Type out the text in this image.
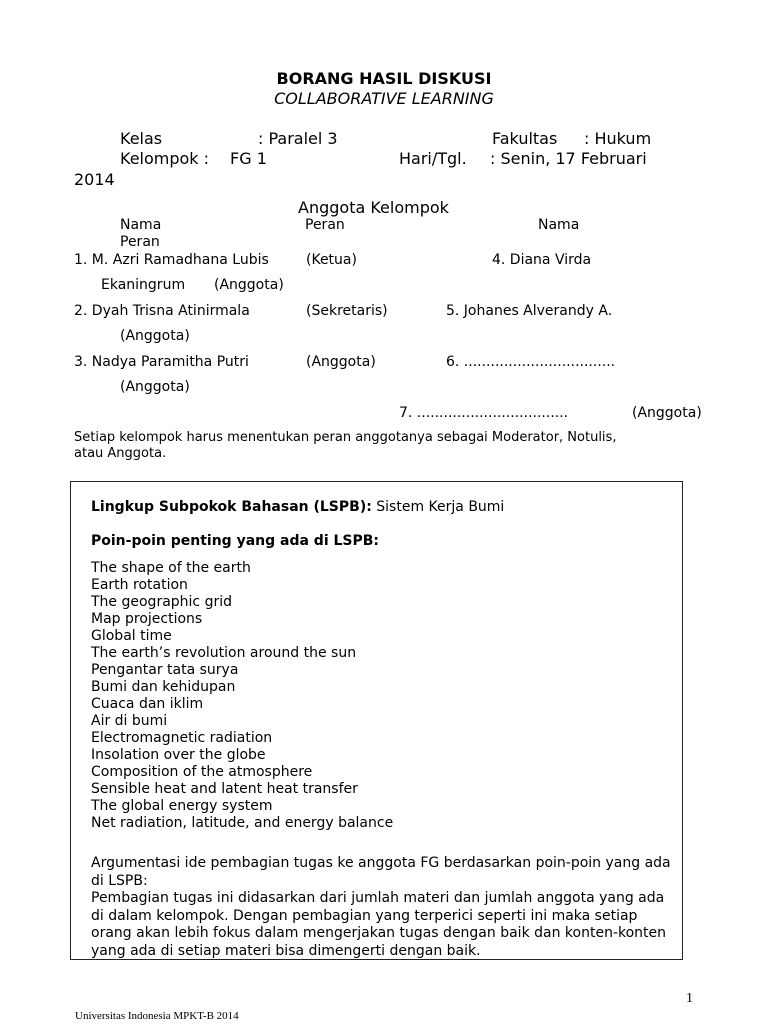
BORANG HASIL DISKUSI
COLLABORATIVE LEARNING
Kelas	: Paralel 3	Fakultas : Hukum
Kelompok : FG 1	Hari/Tgl. : Senin, 17 Februari
2014
Anggota Kelompok
Nama	Peran	Nama
Peran
1. M. Azri Ramadhana Lubis	(Ketua)	4. Diana Virda
Ekaningrum (Anggota)
2. Dyah Trisna Atinirmala	(Sekretaris)	5. Johanes Alverandy A.
(Anggota)
3. Nadya Paramitha Putri	(Anggota)	6. ..................................
(Anggota)
7. ..................................	(Anggota)
Setiap kelompok harus menentukan peran anggotanya sebagai Moderator, Notulis,
atau Anggota.
Lingkup Subpokok Bahasan (LSPB): Sistem Kerja Bumi
Poin-poin penting yang ada di LSPB:
The shape of the earth
Earth rotation
The geographic grid
Map projections
Global time
The earth’s revolution around the sun
Pengantar tata surya
Bumi dan kehidupan
Cuaca dan iklim
Air di bumi
Electromagnetic radiation
Insolation over the globe
Composition of the atmosphere
Sensible heat and latent heat transfer
The global energy system
Net radiation, latitude, and energy balance
Argumentasi ide pembagian tugas ke anggota FG berdasarkan poin-poin yang ada di LSPB:
Pembagian tugas ini didasarkan dari jumlah materi dan jumlah anggota yang ada di dalam kelompok. Dengan pembagian yang terperici seperti ini maka setiap orang akan lebih fokus dalam mengerjakan tugas dengan baik dan konten-konten yang ada di setiap materi bisa dimengerti dengan baik.
1
Universitas Indonesia MPKT-B 2014
